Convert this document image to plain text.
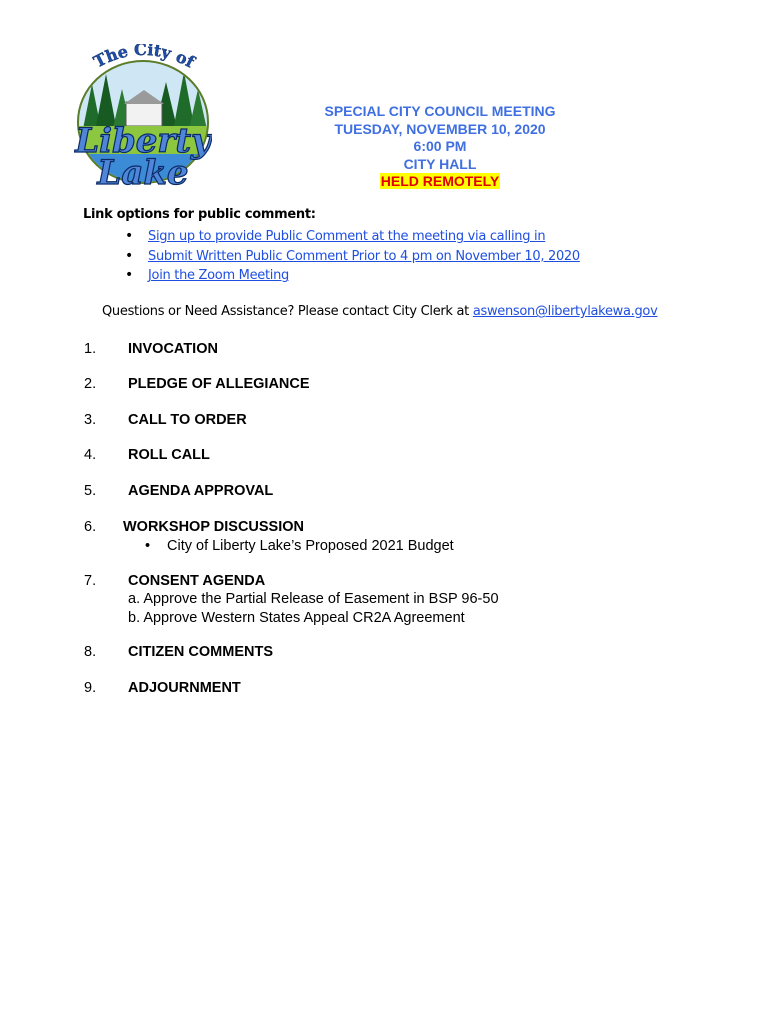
The City of
Liberty
Lake
SPECIAL CITY COUNCIL MEETING
TUESDAY, NOVEMBER 10, 2020
6:00 PM
CITY HALL
HELD REMOTELY
Link options for public comment:
• Sign up to provide Public Comment at the meeting via calling in
• Submit Written Public Comment Prior to 4 pm on November 10, 2020
• Join the Zoom Meeting
Questions or Need Assistance? Please contact City Clerk at aswenson@libertylakewa.gov
1. INVOCATION
2. PLEDGE OF ALLEGIANCE
3. CALL TO ORDER
4. ROLL CALL
5. AGENDA APPROVAL
6. WORKSHOP DISCUSSION
• City of Liberty Lake’s Proposed 2021 Budget
7. CONSENT AGENDA
a. Approve the Partial Release of Easement in BSP 96-50
b. Approve Western States Appeal CR2A Agreement
8. CITIZEN COMMENTS
9. ADJOURNMENT
